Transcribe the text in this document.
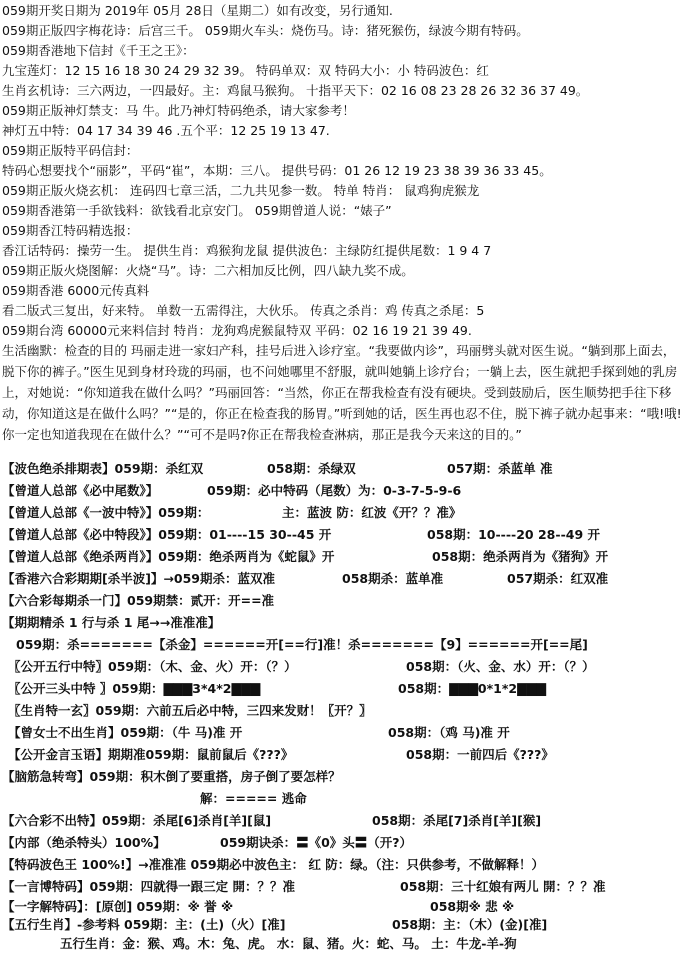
059期开奖日期为 2019年 05月 28日（星期二）如有改变，另行通知.
059期正版四字梅花诗：后宫三千。 059期火车头：烧伤马。诗：猪死猴伤，绿波今期有特码。
059期香港地下信封《千王之王》：
九宝莲灯：12 15 16 18 30 24 29 32 39。 特码单双：双 特码大小：小 特码波色：红
生肖玄机诗：三六两边，一四最好。主：鸡鼠马猴狗。 十指平天下：02 16 08 23 28 26 32 36 37 49。
059期正版神灯禁支：马 牛。此乃神灯特码绝杀，请大家参考！
神灯五中特：04 17 34 39 46 .五个平：12 25 19 13 47.
059期正版特平码信封：
特码心想要找个“丽影”，平码“崔”，本期：三八。 提供号码：01 26 12 19 23 38 39 36 33 45。
059期正版火烧玄机： 连码四七章三活，二九共见参一数。 特单 特肖： 鼠鸡狗虎猴龙
059期香港第一手欲钱料：欲钱看北京安门。 059期曾道人说：“婊子”
059期香江特码精选报：
香江话特码：操劳一生。 提供生肖：鸡猴狗龙鼠 提供波色：主绿防红提供尾数：1 9 4 7
059期正版火烧图解：火烧“马”。诗：二六相加反比例，四八缺九奖不成。
059期香港 6000元传真料
看二版式三复出，好来特。 单数一五需得注，大伙乐。 传真之杀肖：鸡 传真之杀尾：5
059期台湾 60000元来料信封 特肖：龙狗鸡虎猴鼠特双 平码：02 16 19 21 39 49.
生活幽默：检查的目的 玛丽走进一家妇产科，挂号后进入诊疗室。“我要做内诊”，玛丽劈头就对医生说。“躺到那上面去，脱下你的裤子。”医生见到身材玲珑的玛丽，也不问她哪里不舒服，就叫她躺上诊疗台；一躺上去，医生就把手探到她的乳房上，对她说：“你知道我在做什么吗？”玛丽回答：“当然，你正在帮我检查有没有硬块。受到鼓励后，医生顺势把手往下移动，你知道这是在做什么吗？”“是的，你正在检查我的肠胃。”听到她的话，医生再也忍不住，脱下裤子就办起事来：“哦!哦!你一定也知道我现在在做什么？”“可不是吗?你正在帮我检查淋病，那正是我今天来这的目的。”
【波色绝杀排期表】059期：杀红双	058期：杀绿双	057期：杀蓝单 准
【曾道人总部《必中尾数》】	059期：必中特码（尾数）为：0-3-7-5-9-6
【曾道人总部《一波中特》】059期：	主：蓝波 防：红波《开？？准》
【曾道人总部《必中特段》】059期：01----15 30--45 开	058期：10----20 28--49 开
【曾道人总部《绝杀两肖》】059期：绝杀两肖为《蛇鼠》开	058期：绝杀两肖为《猪狗》开
【香港六合彩期期[杀半波]】→059期杀：蓝双准	058期杀：蓝单准	057期杀：红双准
【六合彩每期杀一门】059期禁：贰开：开==准
【期期精杀 1 行与杀 1 尾→→准准准】
059期：杀=======【杀金】======开[==行]准！杀=======【9】======开[==尾]
〖公开五行中特〗059期：（木、金、火）开：（？）	058期：（火、金、水）开：（？）
〖公开三头中特 〗059期：▇▇▇3*4*2▇▇▇	058期：▇▇▇0*1*2▇▇▇
〖生肖特一玄〗059期：六前五后必中特，三四来发财！〖开？〗
【曾女士不出生肖】059期：（牛 马)准 开	058期：（鸡 马)准 开
【公开金言玉语】期期准059期：鼠前鼠后《???》	058期：一前四后《???》
【脑筋急转弯】059期：积木倒了要重搭，房子倒了要怎样？
解：===== 逃命
【六合彩不出特】059期：杀尾[6]杀肖[羊][鼠]	058期：杀尾[7]杀肖[羊][猴]
【内部（绝杀特头）100%】	059期诀杀：〓《0》头〓（开?）
【特码波色王 100%!】→准准准 059期必中波色主： 红 防：绿。（注：只供参考，不做解释！）
【一言博特码】059期：四就得一跟三定 開：？？准	058期：三十红娘有两儿 開：？？准
【一字解特码】：[原创] 059期：※ 誉 ※	058期※ 悲 ※
【五行生肖】-参考料 059期：主：(土)（火）[准]	058期：主：（木）(金)[准]
五行生肖：金：猴、鸡。木：兔、虎。 水：鼠、猪。火：蛇、马。 土：牛龙-羊-狗
